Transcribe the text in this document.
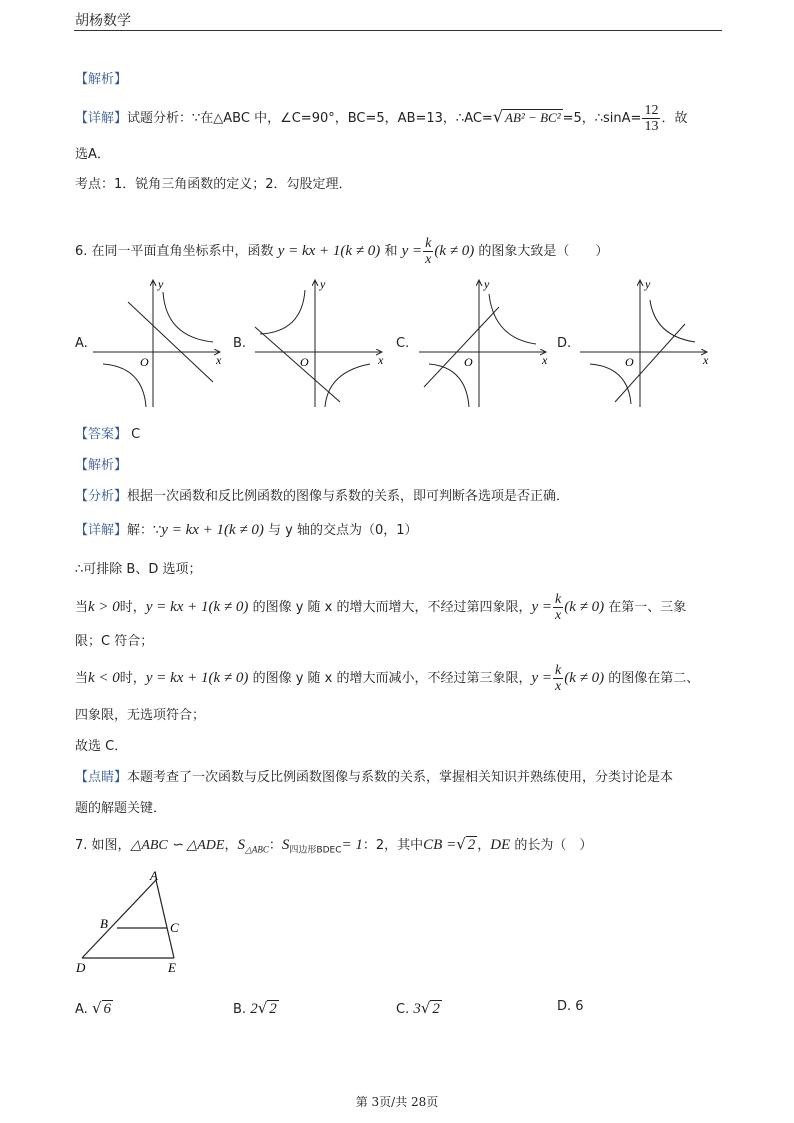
胡杨数学
【解析】
【详解】试题分析：∵在△ABC 中，∠C=90°，BC=5，AB=13，∴AC=√ AB² − BC² =5，∴sinA= $\frac{12}{13}$ ．故
选A．
考点：1．锐角三角函数的定义；2．勾股定理．
6. 在同一平面直角坐标系中，函数 y = kx + 1(k ≠ 0) 和 $y = \frac{k}{x} (k \ne 0)$ 的图象大致是（　　）
A.	B.	C.	D.
y
x
O
y
x
O
y
x
O
y
x
O
【答案】 C
【解析】
【分析】根据一次函数和反比例函数的图像与系数的关系，即可判断各选项是否正确．
【详解】解：∵y = kx + 1(k ≠ 0) 与 y 轴的交点为（0，1）
∴可排除 B、D 选项；
当k > 0时，y = kx + 1(k ≠ 0) 的图像 y 随 x 的增大而增大，不经过第四象限，$y = \frac{k}{x} (k \ne 0)$ 在第一、三象
限；C 符合；
当k < 0时，y = kx + 1(k ≠ 0) 的图像 y 随 x 的增大而减小，不经过第三象限，$y = \frac{k}{x} (k \ne 0)$ 的图像在第二、
四象限，无选项符合；
故选 C．
【点睛】本题考查了一次函数与反比例函数图像与系数的关系，掌握相关知识并熟练使用，分类讨论是本
题的解题关键．
7. 如图，△ABC ∽ △ADE，$S_{\triangle ABC}$：$S_{四边形BDEC}= 1$：2，其中CB =√ 2 ，DE 的长为（　）
A
B	C
D	E
A. √ 6	B. 2√ 2	C. 3√ 2	D. 6
第 3页/共 28页
